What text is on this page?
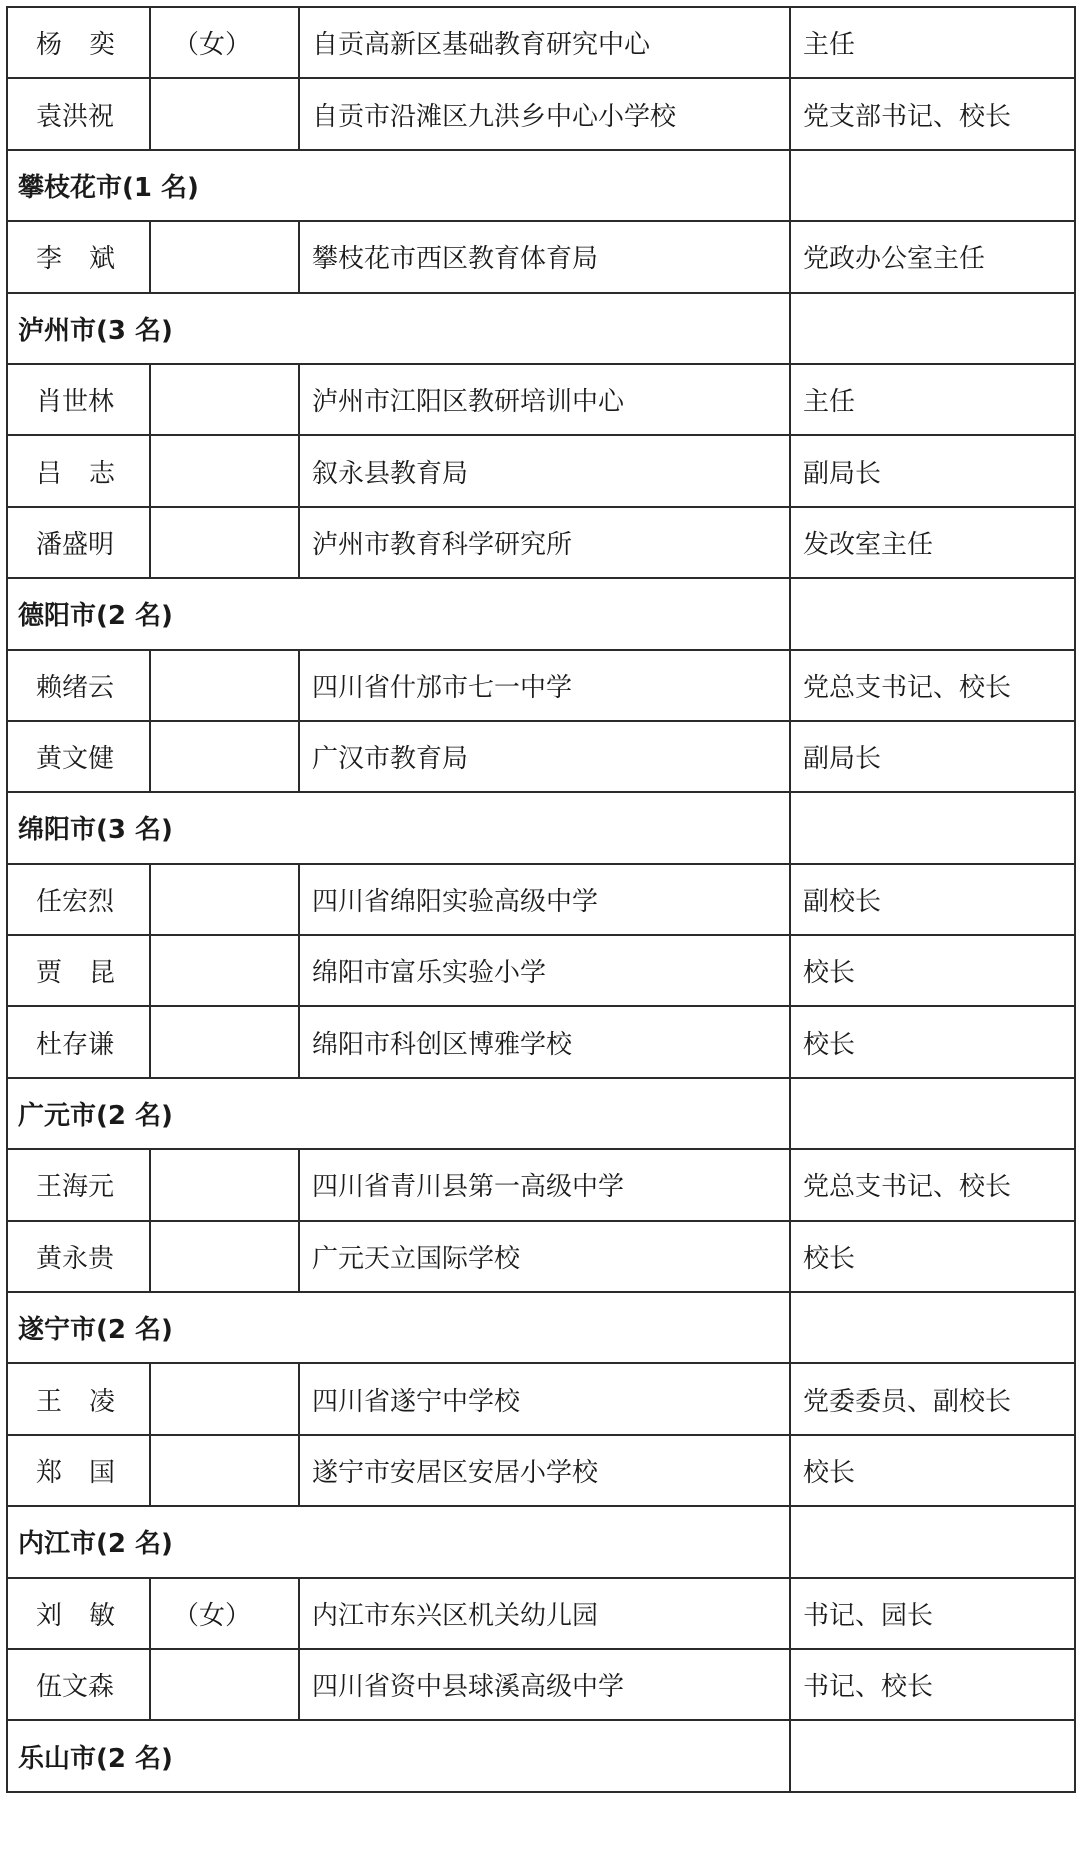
杨 奕	（女）	自贡高新区基础教育研究中心	主任
袁洪祝		自贡市沿滩区九洪乡中心小学校	党支部书记、校长
攀枝花市(1 名)			
李 斌		攀枝花市西区教育体育局	党政办公室主任
泸州市(3 名)			
肖世林		泸州市江阳区教研培训中心	主任
吕 志		叙永县教育局	副局长
潘盛明		泸州市教育科学研究所	发改室主任
德阳市(2 名)			
赖绪云		四川省什邡市七一中学	党总支书记、校长
黄文健		广汉市教育局	副局长
绵阳市(3 名)			
任宏烈		四川省绵阳实验高级中学	副校长
贾 昆		绵阳市富乐实验小学	校长
杜存谦		绵阳市科创区博雅学校	校长
广元市(2 名)			
王海元		四川省青川县第一高级中学	党总支书记、校长
黄永贵		广元天立国际学校	校长
遂宁市(2 名)			
王 凌		四川省遂宁中学校	党委委员、副校长
郑 国		遂宁市安居区安居小学校	校长
内江市(2 名)			
刘 敏	（女）	内江市东兴区机关幼儿园	书记、园长
伍文森		四川省资中县球溪高级中学	书记、校长
乐山市(2 名)			
